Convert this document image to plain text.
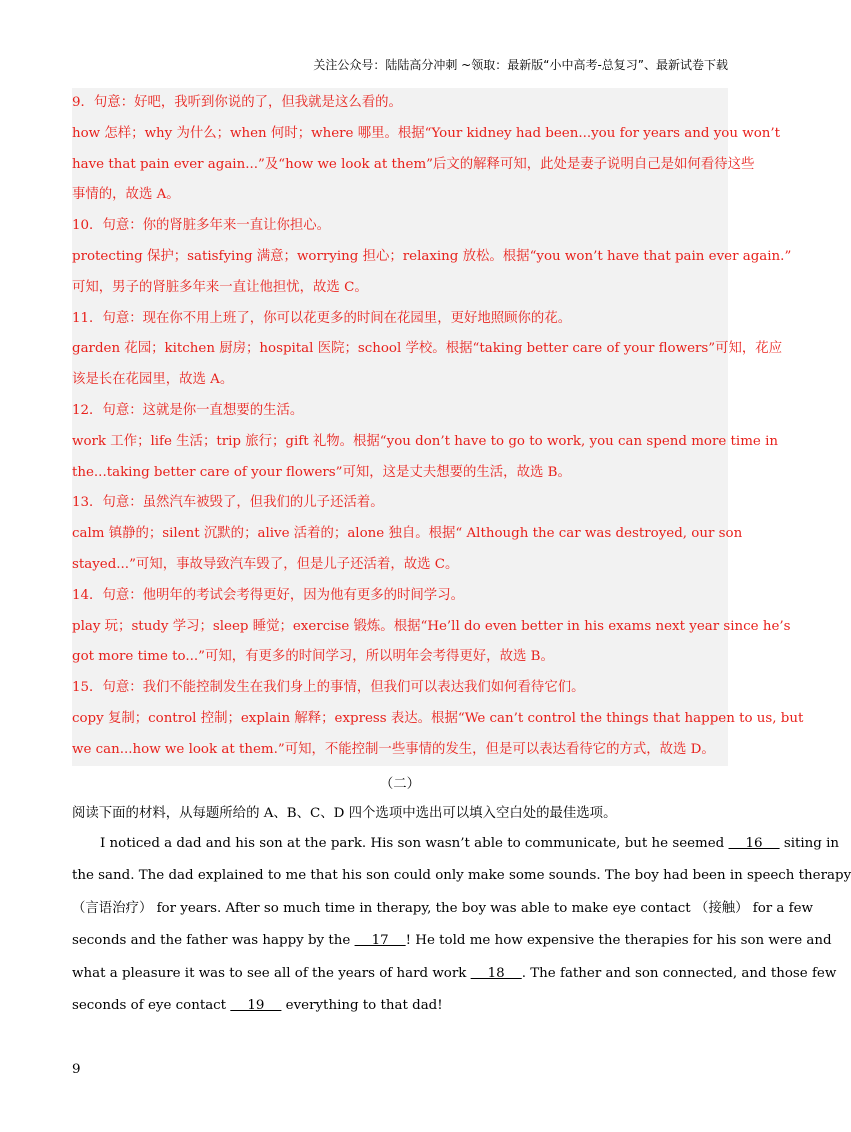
关注公众号：陆陆高分冲刺 ~领取：最新版“小中高考-总复习”、最新试卷下载

9．句意：好吧，我听到你说的了，但我就是这么看的。

how 怎样；why 为什么；when 何时；where 哪里。根据“Your kidney had been...you for years and you won’t

have that pain ever again...”及“how we look at them”后文的解释可知，此处是妻子说明自己是如何看待这些

事情的，故选 A。

10．句意：你的肾脏多年来一直让你担心。

protecting 保护；satisfying 满意；worrying 担心；relaxing 放松。根据“you won’t have that pain ever again.”

可知，男子的肾脏多年来一直让他担忧，故选 C。

11．句意：现在你不用上班了，你可以花更多的时间在花园里，更好地照顾你的花。

garden 花园；kitchen 厨房；hospital 医院；school 学校。根据“taking better care of your flowers”可知，花应

该是长在花园里，故选 A。

12．句意：这就是你一直想要的生活。

work 工作；life 生活；trip 旅行；gift 礼物。根据“you don’t have to go to work, you can spend more time in

the...taking better care of your flowers”可知，这是丈夫想要的生活，故选 B。

13．句意：虽然汽车被毁了，但我们的儿子还活着。

calm 镇静的；silent 沉默的；alive 活着的；alone 独自。根据“ Although the car was destroyed, our son

stayed...”可知，事故导致汽车毁了，但是儿子还活着，故选 C。

14．句意：他明年的考试会考得更好，因为他有更多的时间学习。

play 玩；study 学习；sleep 睡觉；exercise 锻炼。根据“He’ll do even better in his exams next year since he’s

got more time to...”可知，有更多的时间学习，所以明年会考得更好，故选 B。

15．句意：我们不能控制发生在我们身上的事情，但我们可以表达我们如何看待它们。

copy 复制；control 控制；explain 解释；express 表达。根据“We can’t control the things that happen to us, but

we can...how we look at them.”可知，不能控制一些事情的发生，但是可以表达看待它的方式，故选 D。

（二）
阅读下面的材料，从每题所给的 A、B、C、D 四个选项中选出可以填入空白处的最佳选项。

I noticed a dad and his son at the park. His son wasn’t able to communicate, but he seemed     16     siting in

the sand. The dad explained to me that his son could only make some sounds. The boy had been in speech therapy

（言语治疗） for years. After so much time in therapy, the boy was able to make eye contact （接触） for a few

seconds and the father was happy by the     17    ! He told me how expensive the therapies for his son were and

what a pleasure it was to see all of the years of hard work     18    . The father and son connected, and those few

seconds of eye contact     19     everything to that dad!

9
